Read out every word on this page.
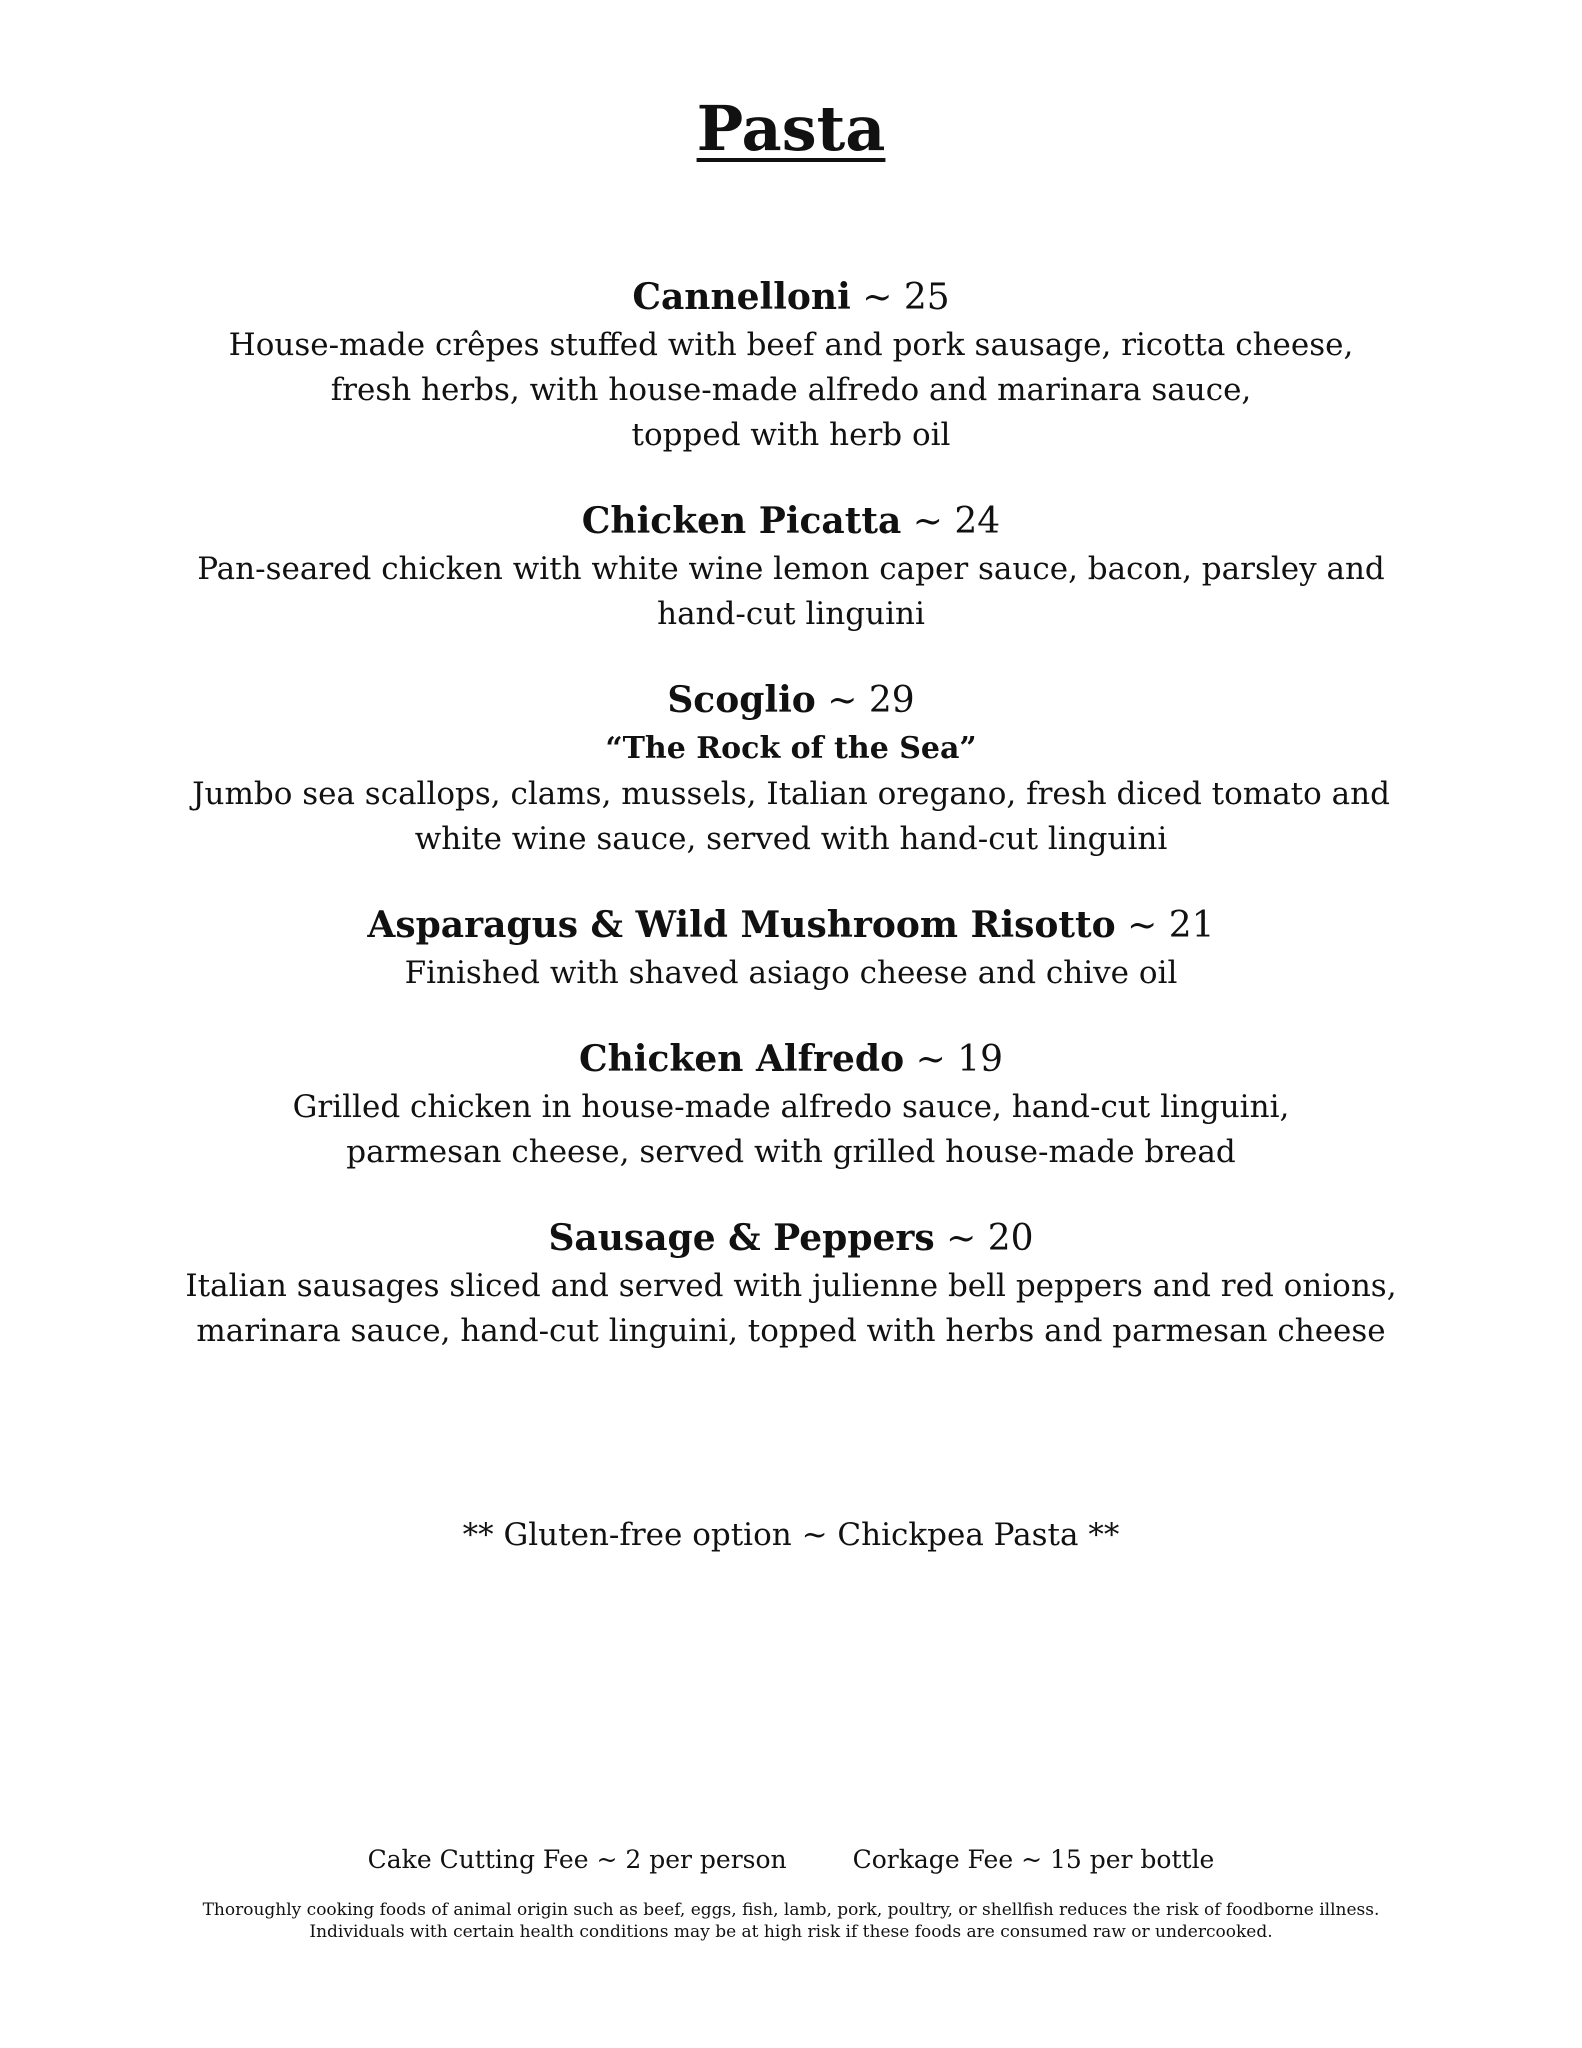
Pasta
Cannelloni ~ 25
House-made crêpes stuffed with beef and pork sausage, ricotta cheese,
fresh herbs, with house-made alfredo and marinara sauce,
topped with herb oil
Chicken Picatta ~ 24
Pan-seared chicken with white wine lemon caper sauce, bacon, parsley and
hand-cut linguini
Scoglio ~ 29
“The Rock of the Sea”
Jumbo sea scallops, clams, mussels, Italian oregano, fresh diced tomato and
white wine sauce, served with hand-cut linguini
Asparagus & Wild Mushroom Risotto ~ 21
Finished with shaved asiago cheese and chive oil
Chicken Alfredo ~ 19
Grilled chicken in house-made alfredo sauce, hand-cut linguini,
parmesan cheese, served with grilled house-made bread
Sausage & Peppers ~ 20
Italian sausages sliced and served with julienne bell peppers and red onions,
marinara sauce, hand-cut linguini, topped with herbs and parmesan cheese
** Gluten-free option ~ Chickpea Pasta **
Cake Cutting Fee ~ 2 per person	Corkage Fee ~ 15 per bottle
Thoroughly cooking foods of animal origin such as beef, eggs, fish, lamb, pork, poultry, or shellfish reduces the risk of foodborne illness.
Individuals with certain health conditions may be at high risk if these foods are consumed raw or undercooked.
